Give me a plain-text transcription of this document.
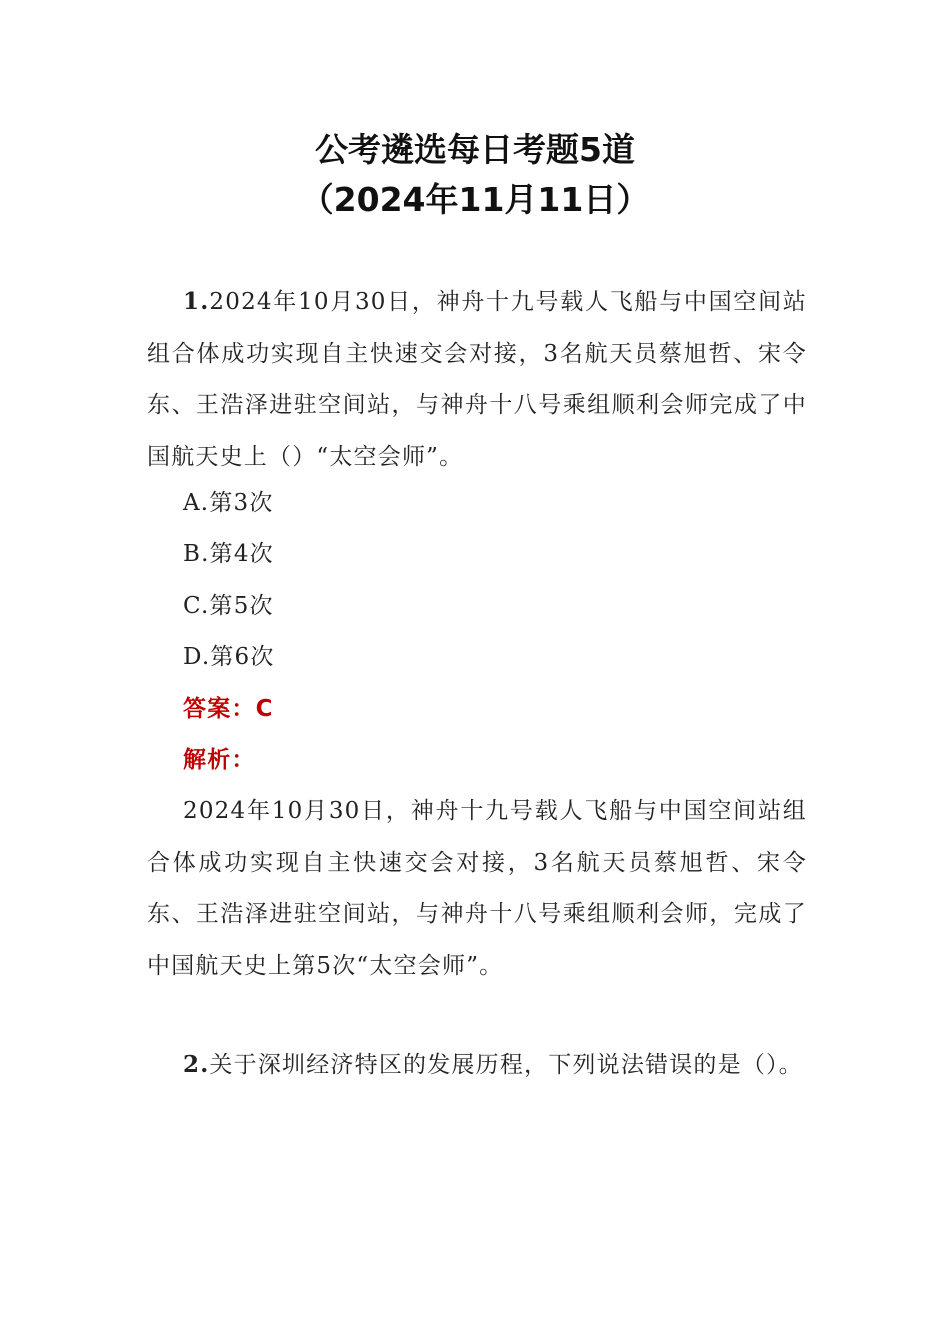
公考遴选每日考题5道
（2024年11月11日）

1.2024年10月30日，神舟十九号载人飞船与中国空间站组合体成功实现自主快速交会对接，3名航天员蔡旭哲、宋令东、王浩泽进驻空间站，与神舟十八号乘组顺利会师完成了中国航天史上（）“太空会师”。

A.第3次

B.第4次

C.第5次

D.第6次

答案：C

解析：

2024年10月30日，神舟十九号载人飞船与中国空间站组合体成功实现自主快速交会对接，3名航天员蔡旭哲、宋令东、王浩泽进驻空间站，与神舟十八号乘组顺利会师，完成了中国航天史上第5次“太空会师”。

2.关于深圳经济特区的发展历程，下列说法错误的是（）。
